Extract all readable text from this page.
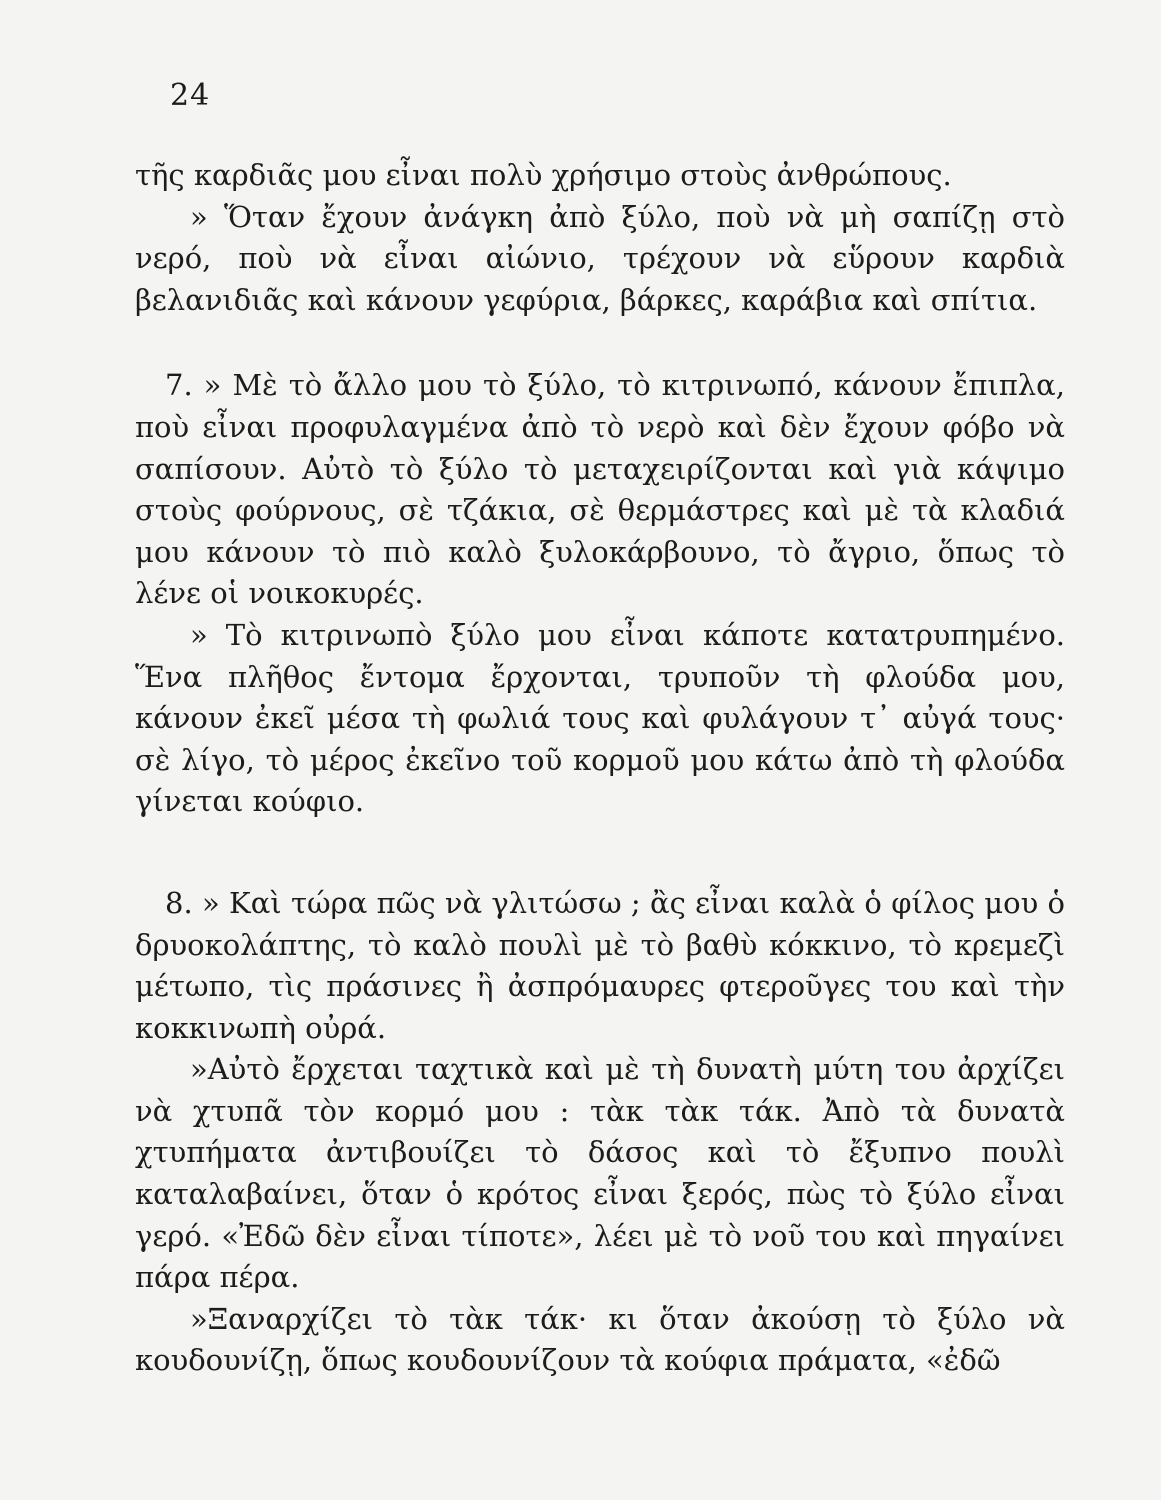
24

τῆς καρδιᾶς μου εἶναι πολὺ χρήσιμο στοὺς ἀνθρώπους.

» Ὅταν ἔχουν ἀνάγκη ἀπὸ ξύλο, ποὺ νὰ μὴ σαπίζῃ στὸ νερό, ποὺ νὰ εἶναι αἰώνιο, τρέχουν νὰ εὕρουν καρδιὰ βελανιδιᾶς καὶ κάνουν γεφύρια, βάρκες, καράβια καὶ σπίτια.

7. » Μὲ τὸ ἄλλο μου τὸ ξύλο, τὸ κιτρινωπό, κάνουν ἔπιπλα, ποὺ εἶναι προφυλαγμένα ἀπὸ τὸ νερὸ καὶ δὲν ἔχουν φόβο νὰ σαπίσουν. Αὐτὸ τὸ ξύλο τὸ μεταχειρίζονται καὶ γιὰ κάψιμο στοὺς φούρνους, σὲ τζάκια, σὲ θερμάστρες καὶ μὲ τὰ κλαδιά μου κάνουν τὸ πιὸ καλὸ ξυλοκάρβουνο, τὸ ἄγριο, ὅπως τὸ λένε οἱ νοικοκυρές.

» Τὸ κιτρινωπὸ ξύλο μου εἶναι κάποτε κατατρυπημένο. Ἕνα πλῆθος ἔντομα ἔρχονται, τρυποῦν τὴ φλούδα μου, κάνουν ἐκεῖ μέσα τὴ φωλιά τους καὶ φυλάγουν τ᾽ αὐγά τους· σὲ λίγο, τὸ μέρος ἐκεῖνο τοῦ κορμοῦ μου κάτω ἀπὸ τὴ φλούδα γίνεται κούφιο.

8. » Καὶ τώρα πῶς νὰ γλιτώσω ; ἂς εἶναι καλὰ ὁ φίλος μου ὁ δρυοκολάπτης, τὸ καλὸ πουλὶ μὲ τὸ βαθὺ κόκκινο, τὸ κρεμεζὶ μέτωπο, τὶς πράσινες ἢ ἀσπρόμαυρες φτεροῦγες του καὶ τὴν κοκκινωπὴ οὐρά.

»Αὐτὸ ἔρχεται ταχτικὰ καὶ μὲ τὴ δυνατὴ μύτη του ἀρχίζει νὰ χτυπᾶ τὸν κορμό μου : τὰκ τὰκ τάκ. Ἀπὸ τὰ δυνατὰ χτυπήματα ἀντιβουίζει τὸ δάσος καὶ τὸ ἔξυπνο πουλὶ καταλαβαίνει, ὅταν ὁ κρότος εἶναι ξερός, πὼς τὸ ξύλο εἶναι γερό. «Ἐδῶ δὲν εἶναι τίποτε», λέει μὲ τὸ νοῦ του καὶ πηγαίνει πάρα πέρα.

»Ξαναρχίζει τὸ τὰκ τάκ· κι ὅταν ἀκούσῃ τὸ ξύλο νὰ κουδουνίζῃ, ὅπως κουδουνίζουν τὰ κούφια πράματα, «ἐδῶ
